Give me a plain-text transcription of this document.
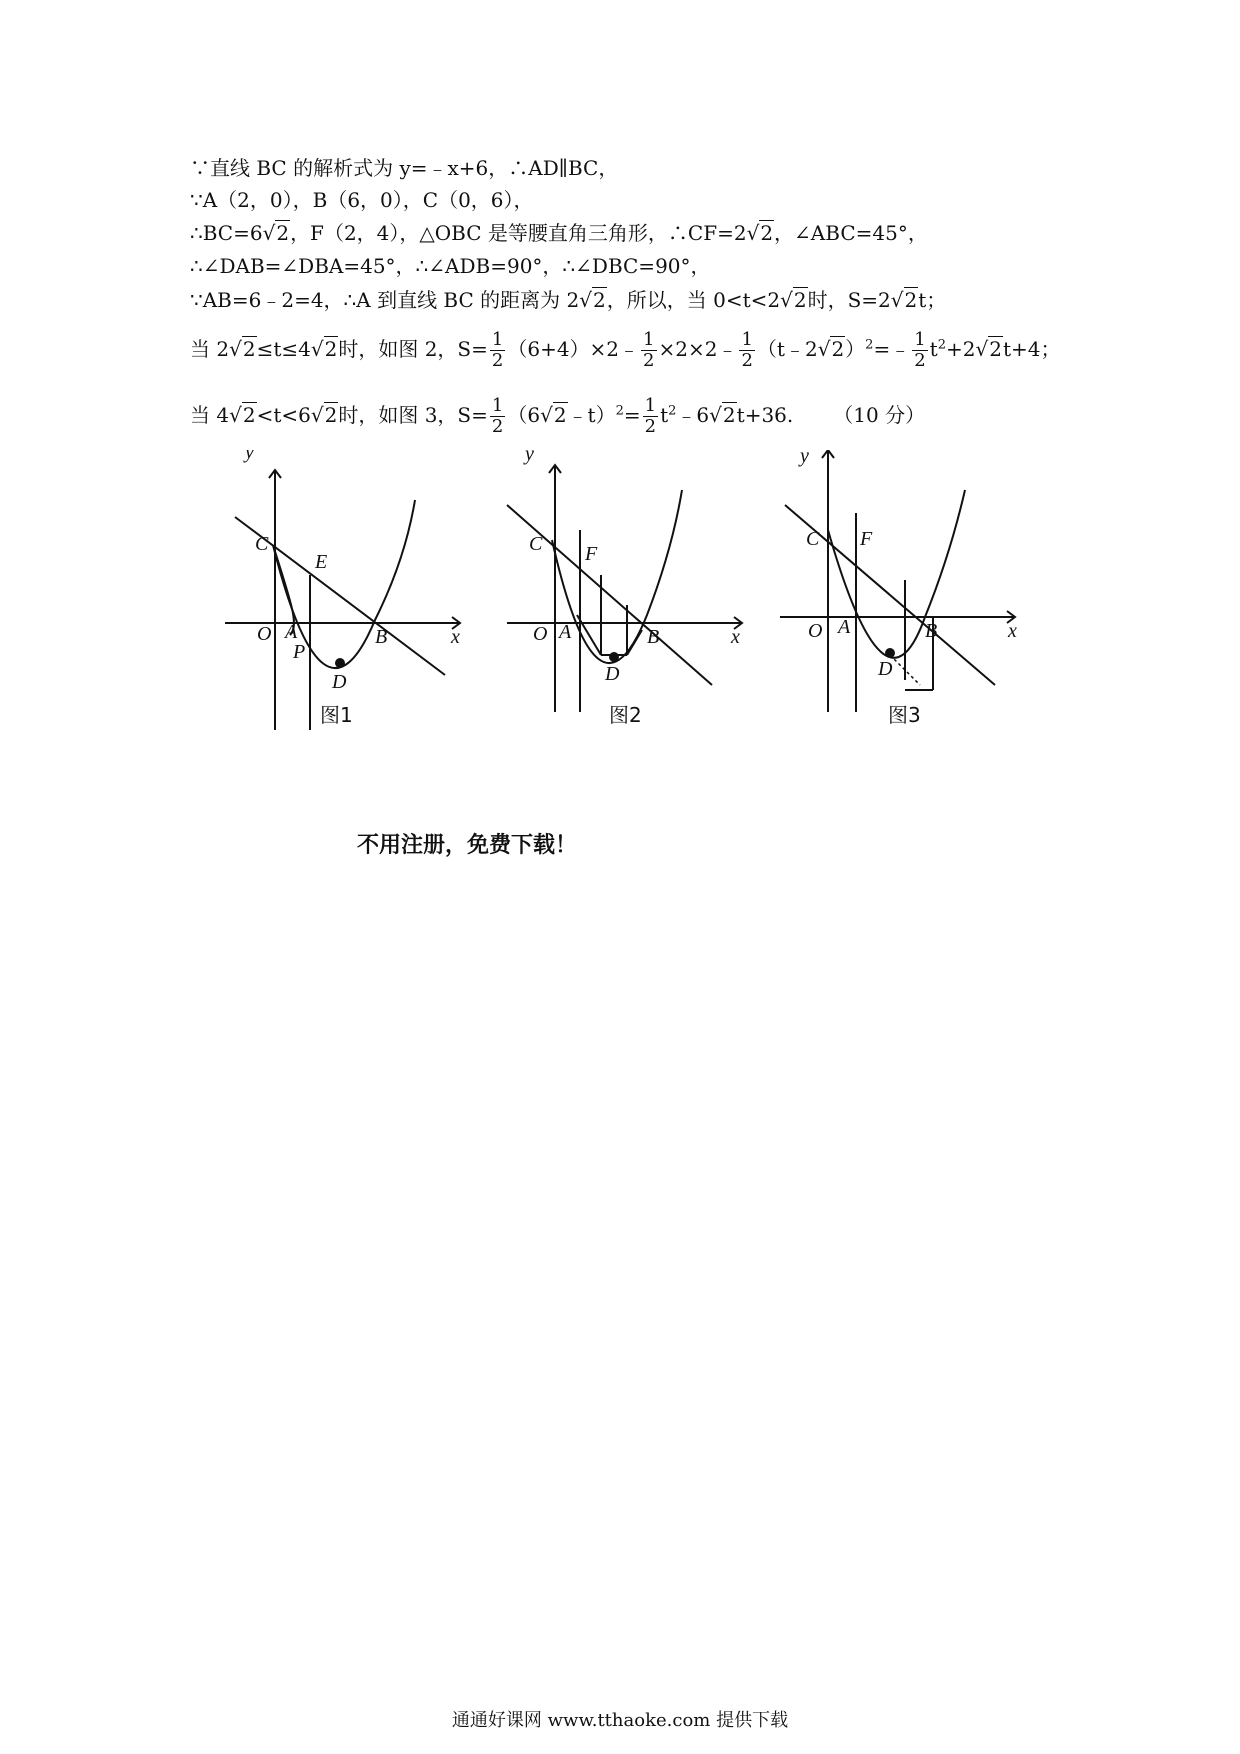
∵直线 BC 的解析式为 y=﹣x+6，∴AD∥BC，
∵A（2，0），B（6，0），C（0，6），
∴BC=6√2，F（2，4），△OBC 是等腰直角三角形，∴CF=2√2，∠ABC=45°，
∴∠DAB=∠DBA=45°，∴∠ADB=90°，∴∠DBC=90°，
∵AB=6﹣2=4，∴A 到直线 BC 的距离为 2√2，所以，当 0<t<2√2时，S=2√2t；
当 2√2≤t≤4√2时，如图 2，$S= \frac{1}{2}$ （6+4）×2﹣ $\frac{1}{2}$ ×2×2﹣ $\frac{1}{2}$ （t﹣2√2）$^2$=﹣ $\frac{1}{2} t^2+2√2t+4$；
当 4√2<t<6√2时，如图 3，$S= \frac{1}{2}$ （6√2﹣t）$^2$= $\frac{1}{2}$ $t^2﹣6√2t+36$. （10 分）
y
x
O
C
E
A
P
B
D
图1
y
x
O
C F
A	B
D
图2
y
x
O
C F
A	B
D
图3
不用注册，免费下载！
通通好课网 www.tthaoke.com 提供下载
